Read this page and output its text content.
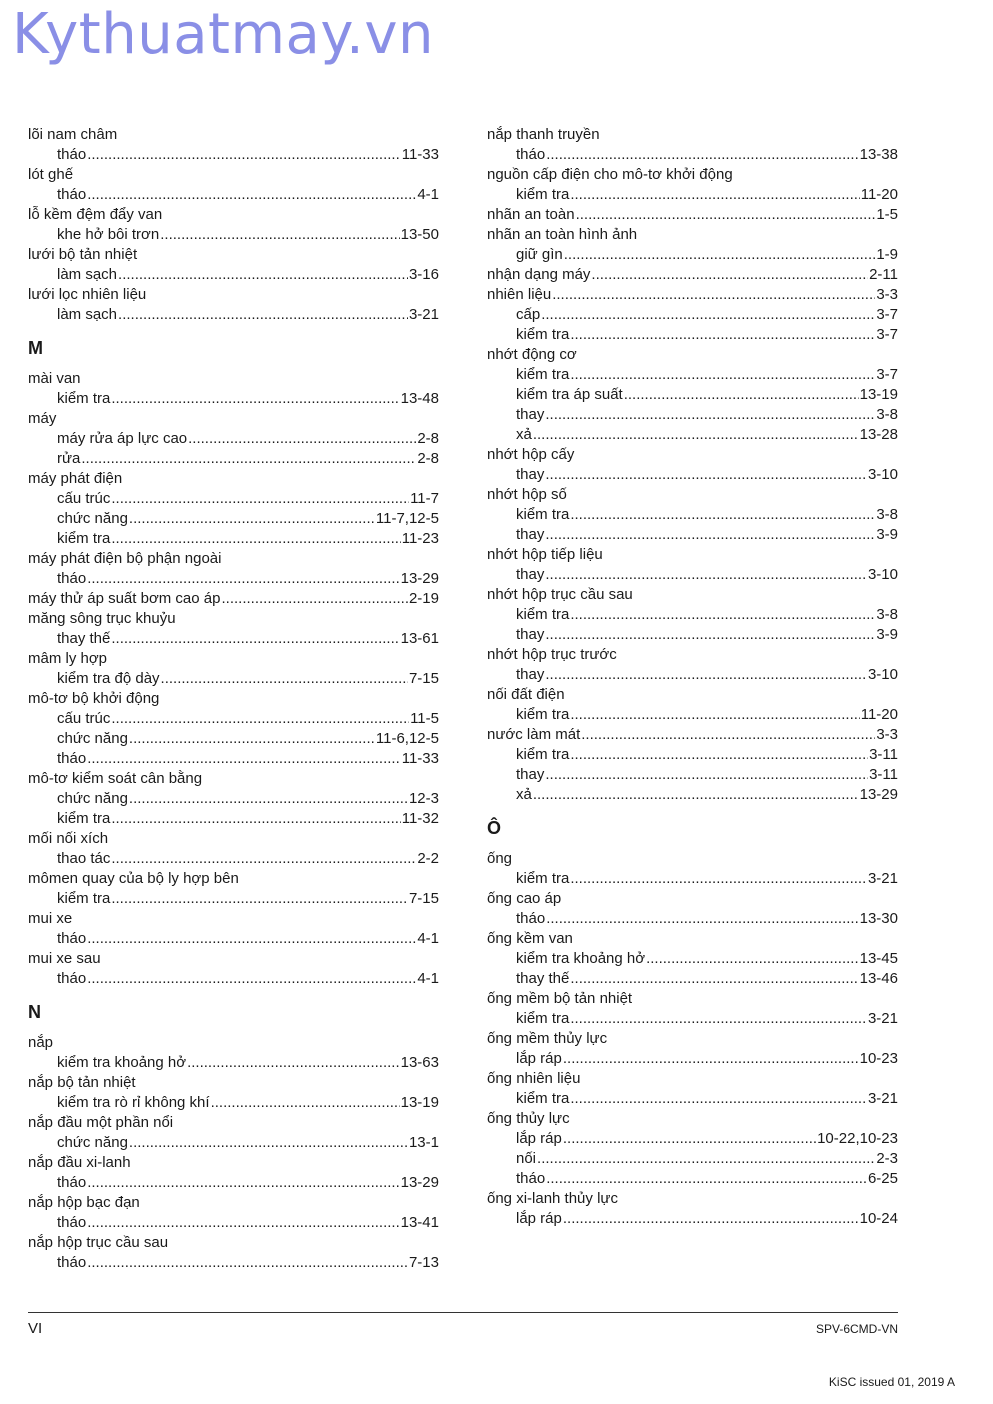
Kythuatmay.vn
lõi nam châm
tháo .....	11-33
lót ghế
tháo .....	4-1
lỗ kềm đệm đẩy van
khe hở bôi trơn .....	13-50
lưới bộ tản nhiệt
làm sạch .....	3-16
lưới lọc nhiên liệu
làm sạch .....	3-21
M
mài van
kiểm tra .....	13-48
máy
máy rửa áp lực cao .....	2-8
rửa .....	2-8
máy phát điện
cấu trúc .....	11-7
chức năng .....	11-7,12-5
kiểm tra .....	11-23
máy phát điện bộ phận ngoài
tháo .....	13-29
máy thử áp suất bơm cao áp .....	2-19
măng sông trục khuỷu
thay thế .....	13-61
mâm ly hợp
kiểm tra độ dày .....	7-15
mô-tơ bộ khởi động
cấu trúc .....	11-5
chức năng .....	11-6,12-5
tháo .....	11-33
mô-tơ kiểm soát cân bằng
chức năng .....	12-3
kiểm tra .....	11-32
mối nối xích
thao tác .....	2-2
mômen quay của bộ ly hợp bên
kiểm tra .....	7-15
mui xe
tháo .....	4-1
mui xe sau
tháo .....	4-1
N
nắp
kiểm tra khoảng hở .....	13-63
nắp bộ tản nhiệt
kiểm tra rò rỉ không khí .....	13-19
nắp đầu một phần nổi
chức năng .....	13-1
nắp đầu xi-lanh
tháo .....	13-29
nắp hộp bạc đạn
tháo .....	13-41
nắp hộp trục cầu sau
tháo .....	7-13
nắp thanh truyền
tháo .....	13-38
nguồn cấp điện cho mô-tơ khởi động
kiểm tra .....	11-20
nhãn an toàn .....	1-5
nhãn an toàn hình ảnh
giữ gìn .....	1-9
nhận dạng máy .....	2-11
nhiên liệu .....	3-3
cấp .....	3-7
kiểm tra .....	3-7
nhớt động cơ
kiểm tra .....	3-7
kiểm tra áp suất .....	13-19
thay .....	3-8
xả .....	13-28
nhớt hộp cấy
thay .....	3-10
nhớt hộp số
kiểm tra .....	3-8
thay .....	3-9
nhớt hộp tiếp liệu
thay .....	3-10
nhớt hộp trục cầu sau
kiểm tra .....	3-8
thay .....	3-9
nhớt hộp trục trước
thay .....	3-10
nối đất điện
kiểm tra .....	11-20
nước làm mát .....	3-3
kiểm tra .....	3-11
thay .....	3-11
xả .....	13-29
Ô
ống
kiểm tra .....	3-21
ống cao áp
tháo .....	13-30
ống kềm van
kiểm tra khoảng hở .....	13-45
thay thế .....	13-46
ống mềm bộ tản nhiệt
kiểm tra .....	3-21
ống mềm thủy lực
lắp ráp .....	10-23
ống nhiên liệu
kiểm tra .....	3-21
ống thủy lực
lắp ráp .....	10-22,10-23
nối .....	2-3
tháo .....	6-25
ống xi-lanh thủy lực
lắp ráp .....	10-24
VI	SPV-6CMD-VN
KiSC issued 01, 2019 A
